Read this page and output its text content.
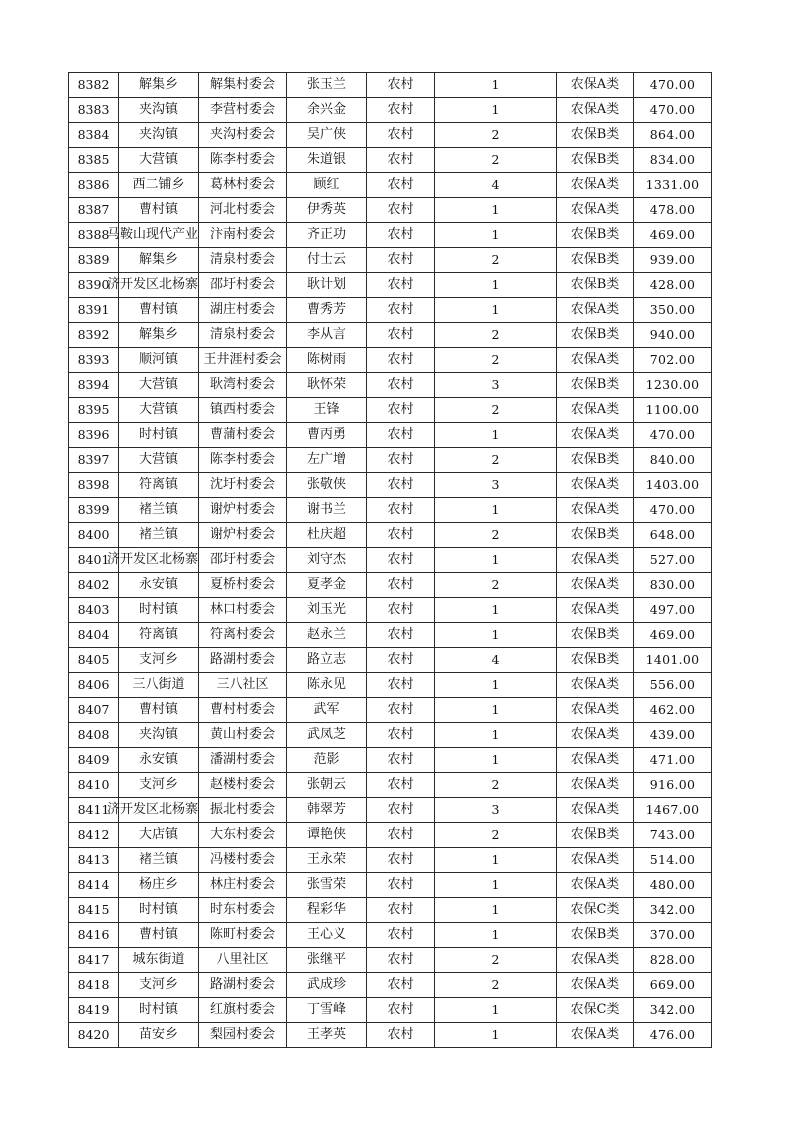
8382	解集乡	解集村委会	张玉兰	农村	1	农保A类	470.00
8383	夹沟镇	李营村委会	余兴金	农村	1	农保A类	470.00
8384	夹沟镇	夹沟村委会	吴广侠	农村	2	农保B类	864.00
8385	大营镇	陈李村委会	朱道银	农村	2	农保B类	834.00
8386	西二铺乡	葛林村委会	顾红	农村	4	农保A类	1331.00
8387	曹村镇	河北村委会	伊秀英	农村	1	农保A类	478.00
8388	马鞍山现代产业	汴南村委会	齐正功	农村	1	农保B类	469.00
8389	解集乡	清泉村委会	付士云	农村	2	农保B类	939.00
8390	济开发区北杨寨	邵圩村委会	耿计划	农村	1	农保B类	428.00
8391	曹村镇	湖庄村委会	曹秀芳	农村	1	农保A类	350.00
8392	解集乡	清泉村委会	李从言	农村	2	农保B类	940.00
8393	顺河镇	王井涯村委会	陈树雨	农村	2	农保A类	702.00
8394	大营镇	耿湾村委会	耿怀荣	农村	3	农保B类	1230.00
8395	大营镇	镇西村委会	王锋	农村	2	农保A类	1100.00
8396	时村镇	曹蒲村委会	曹丙勇	农村	1	农保A类	470.00
8397	大营镇	陈李村委会	左广增	农村	2	农保B类	840.00
8398	符离镇	沈圩村委会	张敬侠	农村	3	农保A类	1403.00
8399	褚兰镇	谢炉村委会	谢书兰	农村	1	农保A类	470.00
8400	褚兰镇	谢炉村委会	杜庆超	农村	2	农保B类	648.00
8401	济开发区北杨寨	邵圩村委会	刘守杰	农村	1	农保A类	527.00
8402	永安镇	夏桥村委会	夏孝金	农村	2	农保A类	830.00
8403	时村镇	林口村委会	刘玉光	农村	1	农保A类	497.00
8404	符离镇	符离村委会	赵永兰	农村	1	农保B类	469.00
8405	支河乡	路湖村委会	路立志	农村	4	农保B类	1401.00
8406	三八街道	三八社区	陈永见	农村	1	农保A类	556.00
8407	曹村镇	曹村村委会	武军	农村	1	农保A类	462.00
8408	夹沟镇	黄山村委会	武凤芝	农村	1	农保A类	439.00
8409	永安镇	潘湖村委会	范影	农村	1	农保A类	471.00
8410	支河乡	赵楼村委会	张朝云	农村	2	农保A类	916.00
8411	济开发区北杨寨	振北村委会	韩翠芳	农村	3	农保A类	1467.00
8412	大店镇	大东村委会	谭艳侠	农村	2	农保B类	743.00
8413	褚兰镇	冯楼村委会	王永荣	农村	1	农保A类	514.00
8414	杨庄乡	林庄村委会	张雪荣	农村	1	农保A类	480.00
8415	时村镇	时东村委会	程彩华	农村	1	农保C类	342.00
8416	曹村镇	陈町村委会	王心义	农村	1	农保B类	370.00
8417	城东街道	八里社区	张继平	农村	2	农保A类	828.00
8418	支河乡	路湖村委会	武成珍	农村	2	农保A类	669.00
8419	时村镇	红旗村委会	丁雪峰	农村	1	农保C类	342.00
8420	苗安乡	梨园村委会	王孝英	农村	1	农保A类	476.00
